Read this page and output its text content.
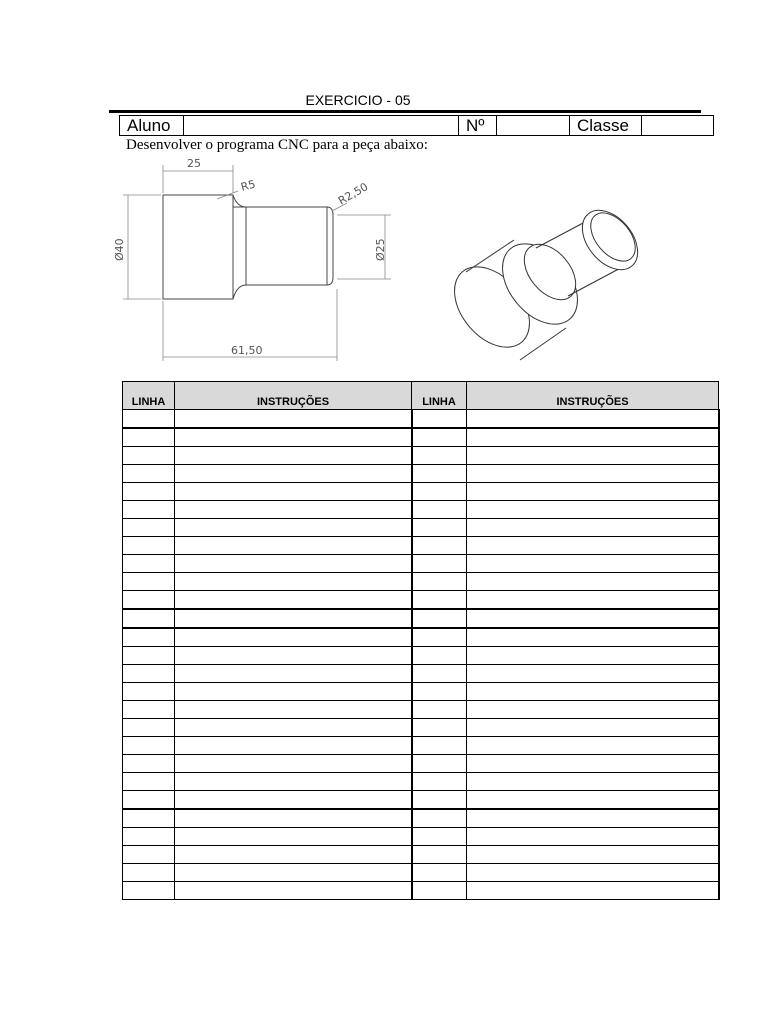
EXERCICIO - 05
Aluno		Nº		Classe	
Desenvolver o programa CNC para a peça abaixo:
25
R5	R2,50
Ø40	Ø25
61,50
LINHA	INSTRUÇÕES	LINHA	INSTRUÇÕES
